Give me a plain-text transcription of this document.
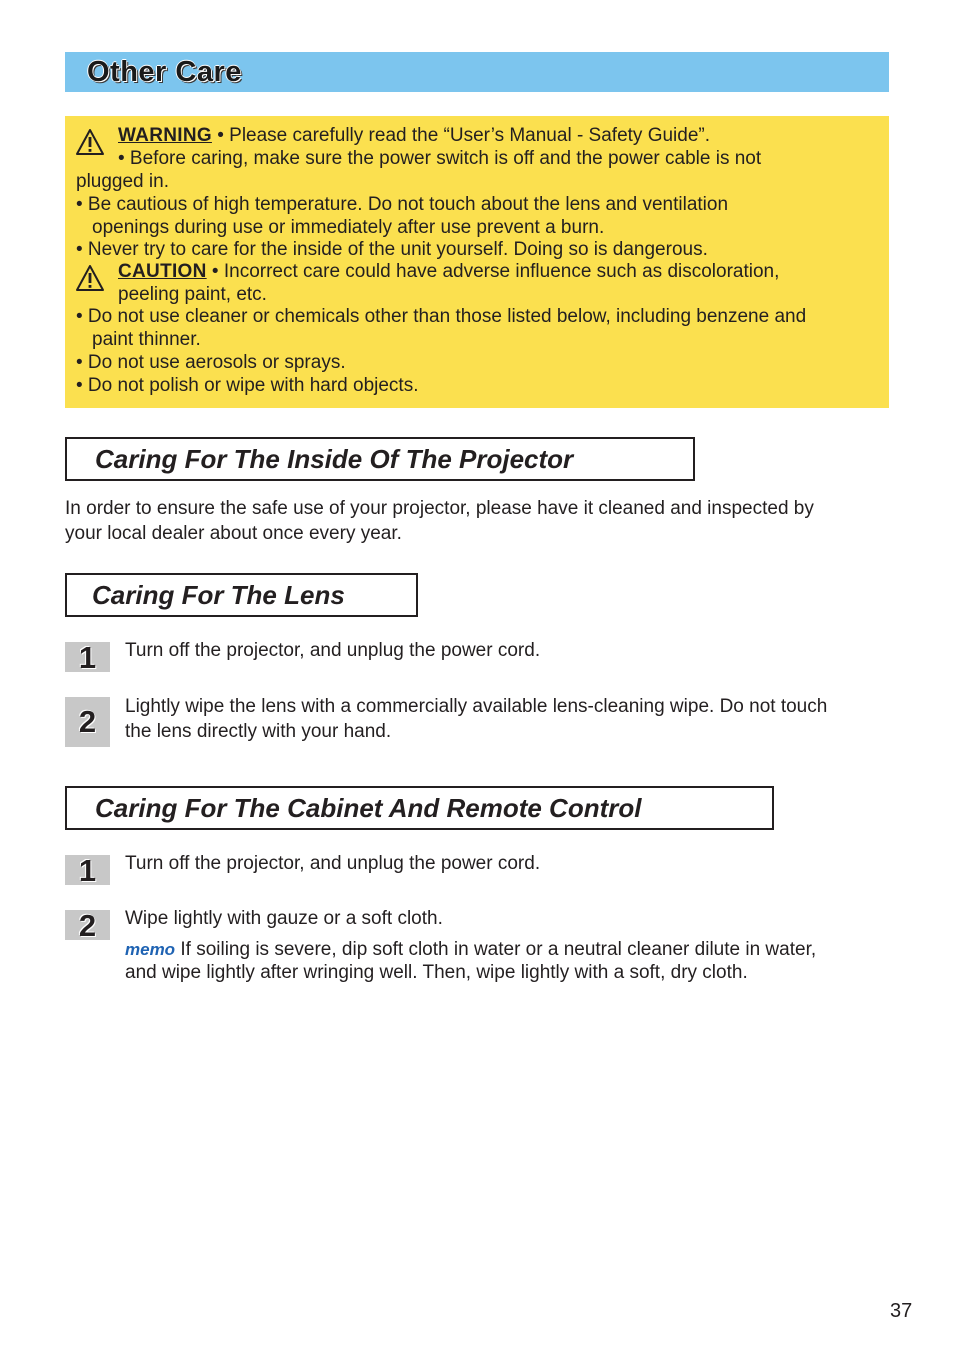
Other Care
WARNING • Please carefully read the “User’s Manual - Safety Guide”.
• Before caring, make sure the power switch is off and the power cable is not
plugged in.
• Be cautious of high temperature. Do not touch about the lens and ventilation
openings during use or immediately after use prevent a burn.
• Never try to care for the inside of the unit yourself. Doing so is dangerous.
CAUTION • Incorrect care could have adverse influence such as discoloration,
peeling paint, etc.
• Do not use cleaner or chemicals other than those listed below, including benzene and
paint thinner.
• Do not use aerosols or sprays.
• Do not polish or wipe with hard objects.
Caring For The Inside Of The Projector
In order to ensure the safe use of your projector, please have it cleaned and inspected by
your local dealer about once every year.
Caring For The Lens
1	Turn off the projector, and unplug the power cord.
2	Lightly wipe the lens with a commercially available lens-cleaning wipe. Do not touch
the lens directly with your hand.
Caring For The Cabinet And Remote Control
1	Turn off the projector, and unplug the power cord.
2	Wipe lightly with gauze or a soft cloth.
memo If soiling is severe, dip soft cloth in water or a neutral cleaner dilute in water,
and wipe lightly after wringing well. Then, wipe lightly with a soft, dry cloth.
37
